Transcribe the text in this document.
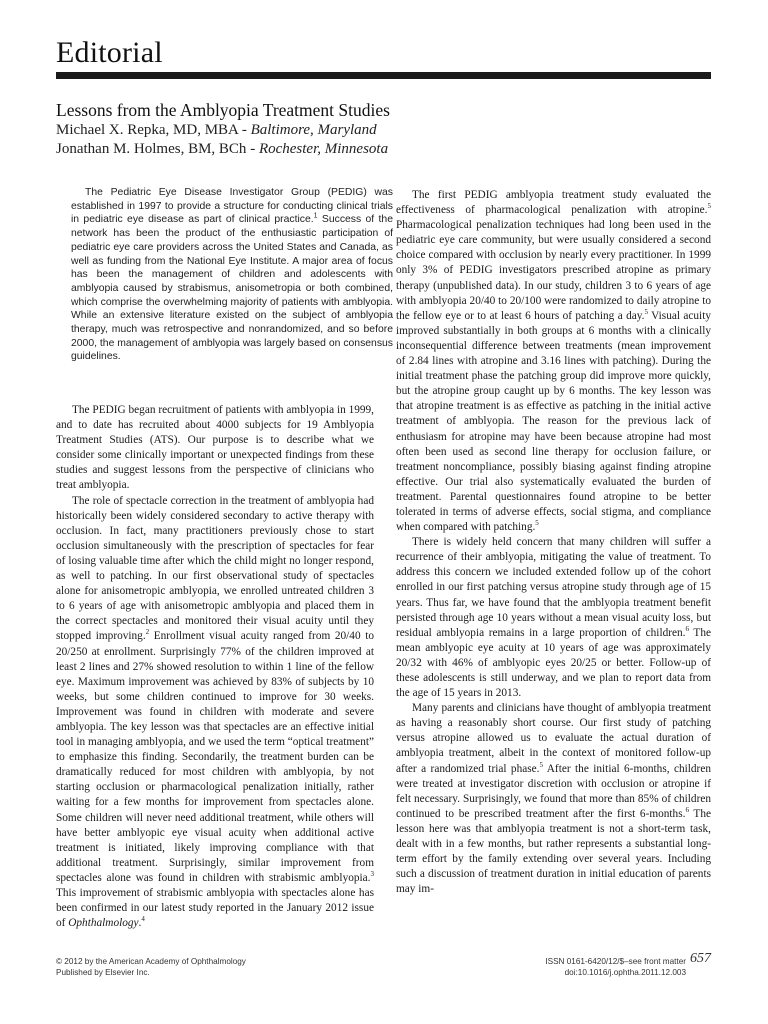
Editorial
Lessons from the Amblyopia Treatment Studies
Michael X. Repka, MD, MBA - Baltimore, Maryland
Jonathan M. Holmes, BM, BCh - Rochester, Minnesota

The Pediatric Eye Disease Investigator Group (PEDIG) was established in 1997 to provide a structure for conducting clinical trials in pediatric eye disease as part of clinical practice.$^1$ Success of the network has been the product of the enthusiastic participation of pediatric eye care providers across the United States and Canada, as well as funding from the National Eye Institute. A major area of focus has been the management of children and adolescents with amblyopia caused by strabismus, anisometropia or both combined, which comprise the overwhelming majority of patients with amblyopia. While an extensive literature existed on the subject of amblyopia therapy, much was retrospective and nonrandomized, and so before 2000, the management of amblyopia was largely based on consensus guidelines.

The PEDIG began recruitment of patients with amblyopia in 1999, and to date has recruited about 4000 subjects for 19 Amblyopia Treatment Studies (ATS). Our purpose is to describe what we consider some clinically important or unexpected findings from these studies and suggest lessons from the perspective of clinicians who treat amblyopia.

The role of spectacle correction in the treatment of amblyopia had historically been widely considered secondary to active therapy with occlusion. In fact, many practitioners previously chose to start occlusion simultaneously with the prescription of spectacles for fear of losing valuable time after which the child might no longer respond, as well to patching. In our first observational study of spectacles alone for anisometropic amblyopia, we enrolled untreated children 3 to 6 years of age with anisometropic amblyopia and placed them in the correct spectacles and monitored their visual acuity until they stopped improving.$^2$ Enrollment visual acuity ranged from 20/40 to 20/250 at enrollment. Surprisingly 77% of the children improved at least 2 lines and 27% showed resolution to within 1 line of the fellow eye. Maximum improvement was achieved by 83% of subjects by 10 weeks, but some children continued to improve for 30 weeks. Improvement was found in children with moderate and severe amblyopia. The key lesson was that spectacles are an effective initial tool in managing amblyopia, and we used the term “optical treatment” to emphasize this finding. Secondarily, the treatment burden can be dramatically reduced for most children with amblyopia, by not starting occlusion or pharmacological penalization initially, rather waiting for a few months for improvement from spectacles alone. Some children will never need additional treatment, while others will have better amblyopic eye visual acuity when additional active treatment is initiated, likely improving compliance with that additional treatment. Surprisingly, similar improvement from spectacles alone was found in children with strabismic amblyopia.$^3$ This improvement of strabismic amblyopia with spectacles alone has been confirmed in our latest study reported in the January 2012 issue of Ophthalmology.$^4$

The first PEDIG amblyopia treatment study evaluated the effectiveness of pharmacological penalization with atropine.$^5$ Pharmacological penalization techniques had long been used in the pediatric eye care community, but were usually considered a second choice compared with occlusion by nearly every practitioner. In 1999 only 3% of PEDIG investigators prescribed atropine as primary therapy (unpublished data). In our study, children 3 to 6 years of age with amblyopia 20/40 to 20/100 were randomized to daily atropine to the fellow eye or to at least 6 hours of patching a day.$^5$ Visual acuity improved substantially in both groups at 6 months with a clinically inconsequential difference between treatments (mean improvement of 2.84 lines with atropine and 3.16 lines with patching). During the initial treatment phase the patching group did improve more quickly, but the atropine group caught up by 6 months. The key lesson was that atropine treatment is as effective as patching in the initial active treatment of amblyopia. The reason for the previous lack of enthusiasm for atropine may have been because atropine had most often been used as second line therapy for occlusion failure, or treatment noncompliance, possibly biasing against finding atropine effective. Our trial also systematically evaluated the burden of treatment. Parental questionnaires found atropine to be better tolerated in terms of adverse effects, social stigma, and compliance when compared with patching.$^5$

There is widely held concern that many children will suffer a recurrence of their amblyopia, mitigating the value of treatment. To address this concern we included extended follow up of the cohort enrolled in our first patching versus atropine study through age of 15 years. Thus far, we have found that the amblyopia treatment benefit persisted through age 10 years without a mean visual acuity loss, but residual amblyopia remains in a large proportion of children.$^6$ The mean amblyopic eye acuity at 10 years of age was approximately 20/32 with 46% of amblyopic eyes 20/25 or better. Follow-up of these adolescents is still underway, and we plan to report data from the age of 15 years in 2013.

Many parents and clinicians have thought of amblyopia treatment as having a reasonably short course. Our first study of patching versus atropine allowed us to evaluate the actual duration of amblyopia treatment, albeit in the context of monitored follow-up after a randomized trial phase.$^5$ After the initial 6-months, children were treated at investigator discretion with occlusion or atropine if felt necessary. Surprisingly, we found that more than 85% of children continued to be prescribed treatment after the first 6-months.$^6$ The lesson here was that amblyopia treatment is not a short-term task, dealt with in a few months, but rather represents a substantial long-term effort by the family extending over several years. Including such a discussion of treatment duration in initial education of parents may im-

© 2012 by the American Academy of Ophthalmology
Published by Elsevier Inc.
ISSN 0161-6420/12/$–see front matter
doi:10.1016/j.ophtha.2011.12.003
657
